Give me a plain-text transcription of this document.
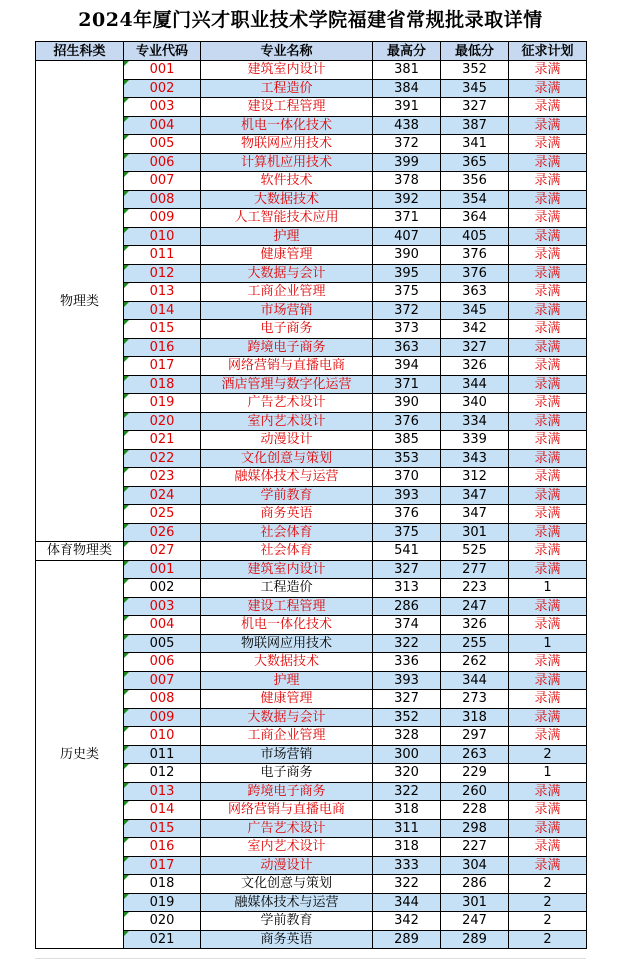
2024年厦门兴才职业技术学院福建省常规批录取详情
招生科类	专业代码	专业名称	最高分	最低分	征求计划
物理类	001	建筑室内设计	381	352	录满
	002	工程造价	384	345	录满
	003	建设工程管理	391	327	录满
	004	机电一体化技术	438	387	录满
	005	物联网应用技术	372	341	录满
	006	计算机应用技术	399	365	录满
	007	软件技术	378	356	录满
	008	大数据技术	392	354	录满
	009	人工智能技术应用	371	364	录满
	010	护理	407	405	录满
	011	健康管理	390	376	录满
	012	大数据与会计	395	376	录满
	013	工商企业管理	375	363	录满
	014	市场营销	372	345	录满
	015	电子商务	373	342	录满
	016	跨境电子商务	363	327	录满
	017	网络营销与直播电商	394	326	录满
	018	酒店管理与数字化运营	371	344	录满
	019	广告艺术设计	390	340	录满
	020	室内艺术设计	376	334	录满
	021	动漫设计	385	339	录满
	022	文化创意与策划	353	343	录满
	023	融媒体技术与运营	370	312	录满
	024	学前教育	393	347	录满
	025	商务英语	376	347	录满
	026	社会体育	375	301	录满
体育物理类	027	社会体育	541	525	录满
历史类	001	建筑室内设计	327	277	录满
	002	工程造价	313	223	1
	003	建设工程管理	286	247	录满
	004	机电一体化技术	374	326	录满
	005	物联网应用技术	322	255	1
	006	大数据技术	336	262	录满
	007	护理	393	344	录满
	008	健康管理	327	273	录满
	009	大数据与会计	352	318	录满
	010	工商企业管理	328	297	录满
	011	市场营销	300	263	2
	012	电子商务	320	229	1
	013	跨境电子商务	322	260	录满
	014	网络营销与直播电商	318	228	录满
	015	广告艺术设计	311	298	录满
	016	室内艺术设计	318	227	录满
	017	动漫设计	333	304	录满
	018	文化创意与策划	322	286	2
	019	融媒体技术与运营	344	301	2
	020	学前教育	342	247	2
	021	商务英语	289	289	2
